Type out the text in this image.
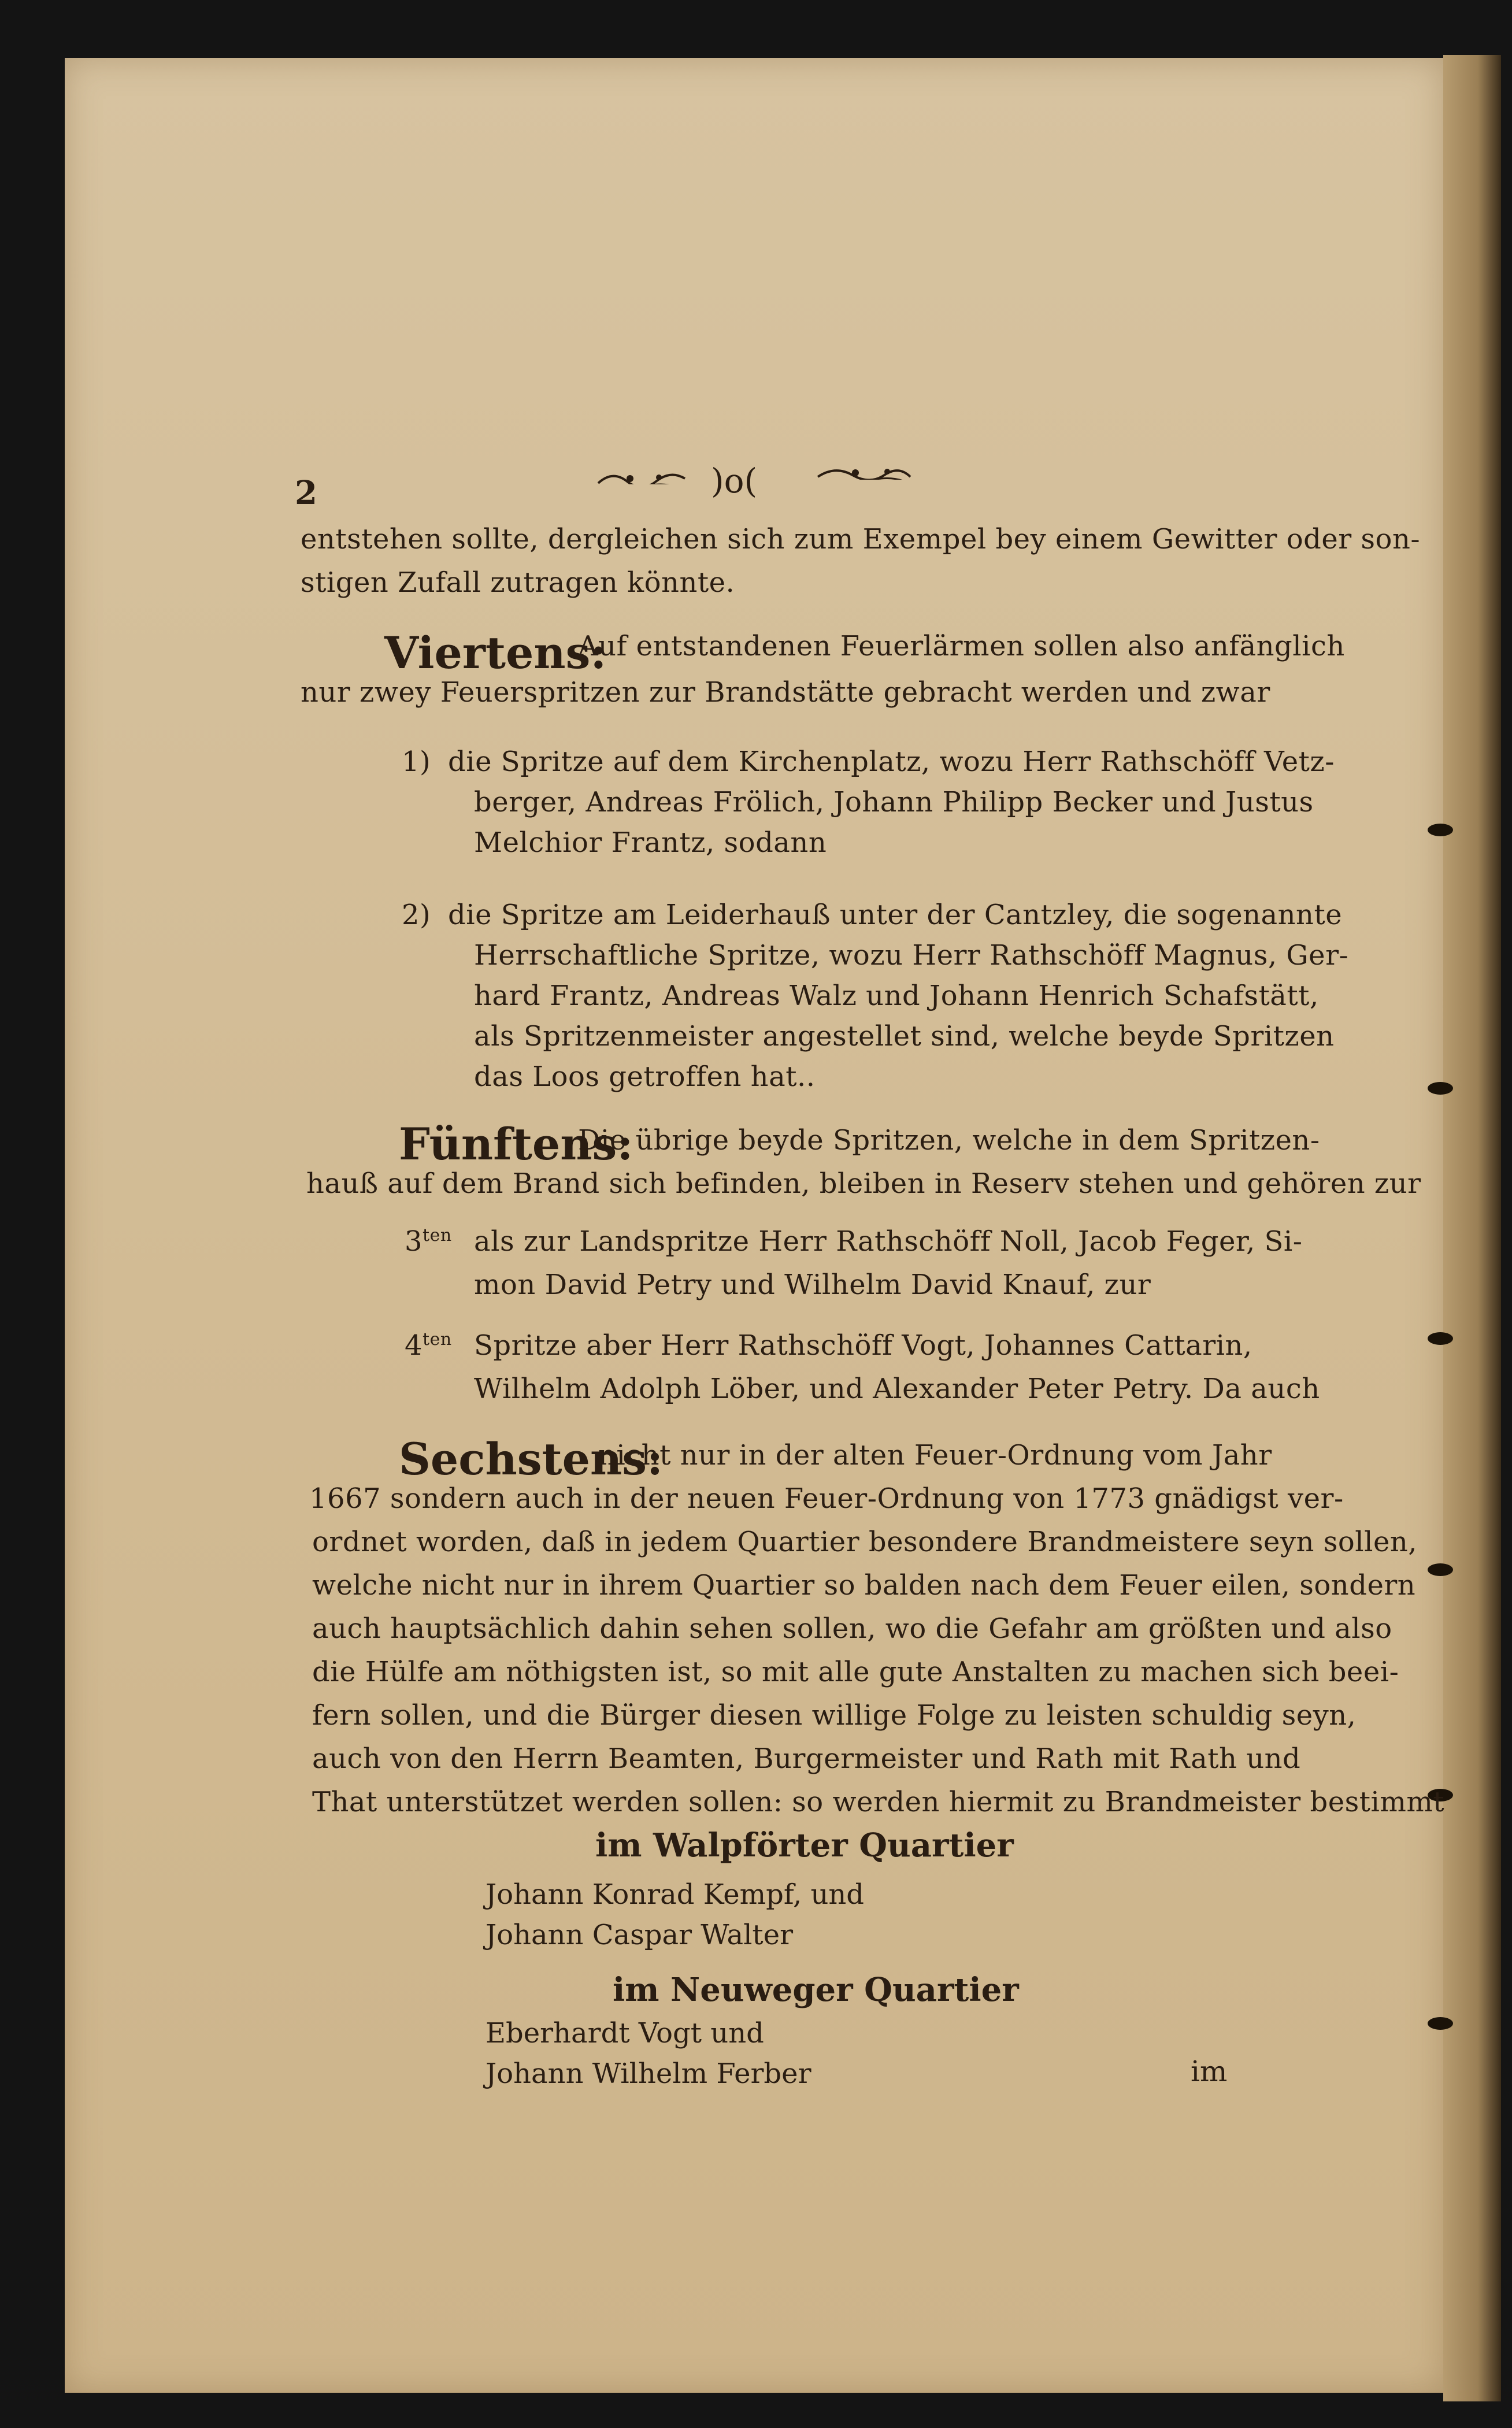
2	)o(
entstehen sollte, dergleichen sich zum Exempel bey einem Gewitter oder son-
stigen Zufall zutragen könnte.
Viertens:
Auf entstandenen Feuerlärmen sollen also anfänglich
nur zwey Feuerspritzen zur Brandstätte gebracht werden und zwar
1) die Spritze auf dem Kirchenplatz, wozu Herr Rathschöff Vetz-
berger, Andreas Frölich, Johann Philipp Becker und Justus
Melchior Frantz, sodann
2) die Spritze am Leiderhauß unter der Cantzley, die sogenannte
Herrschaftliche Spritze, wozu Herr Rathschöff Magnus, Ger-
hard Frantz, Andreas Walz und Johann Henrich Schafstätt,
als Spritzenmeister angestellet sind, welche beyde Spritzen
das Loos getroffen hat..
Fünftens:
Die übrige beyde Spritzen, welche in dem Spritzen-
hauß auf dem Brand sich befinden, bleiben in Reserv stehen und gehören zur
$3^{ten}$ als zur Landspritze Herr Rathschöff Noll, Jacob Feger, Si-
mon David Petry und Wilhelm David Knauf, zur
$4^{ten}$ Spritze aber Herr Rathschöff Vogt, Johannes Cattarin,
Wilhelm Adolph Löber, und Alexander Peter Petry. Da auch
Sechstens:
nicht nur in der alten Feuer-Ordnung vom Jahr
1667 sondern auch in der neuen Feuer-Ordnung von 1773 gnädigst ver-
ordnet worden, daß in jedem Quartier besondere Brandmeistere seyn sollen,
welche nicht nur in ihrem Quartier so balden nach dem Feuer eilen, sondern
auch hauptsächlich dahin sehen sollen, wo die Gefahr am größten und also
die Hülfe am nöthigsten ist, so mit alle gute Anstalten zu machen sich beei-
fern sollen, und die Bürger diesen willige Folge zu leisten schuldig seyn,
auch von den Herrn Beamten, Burgermeister und Rath mit Rath und
That unterstützet werden sollen: so werden hiermit zu Brandmeister bestimmt
im Walpförter Quartier
Johann Konrad Kempf, und
Johann Caspar Walter
im Neuweger Quartier
Eberhardt Vogt und
Johann Wilhelm Ferber	im
